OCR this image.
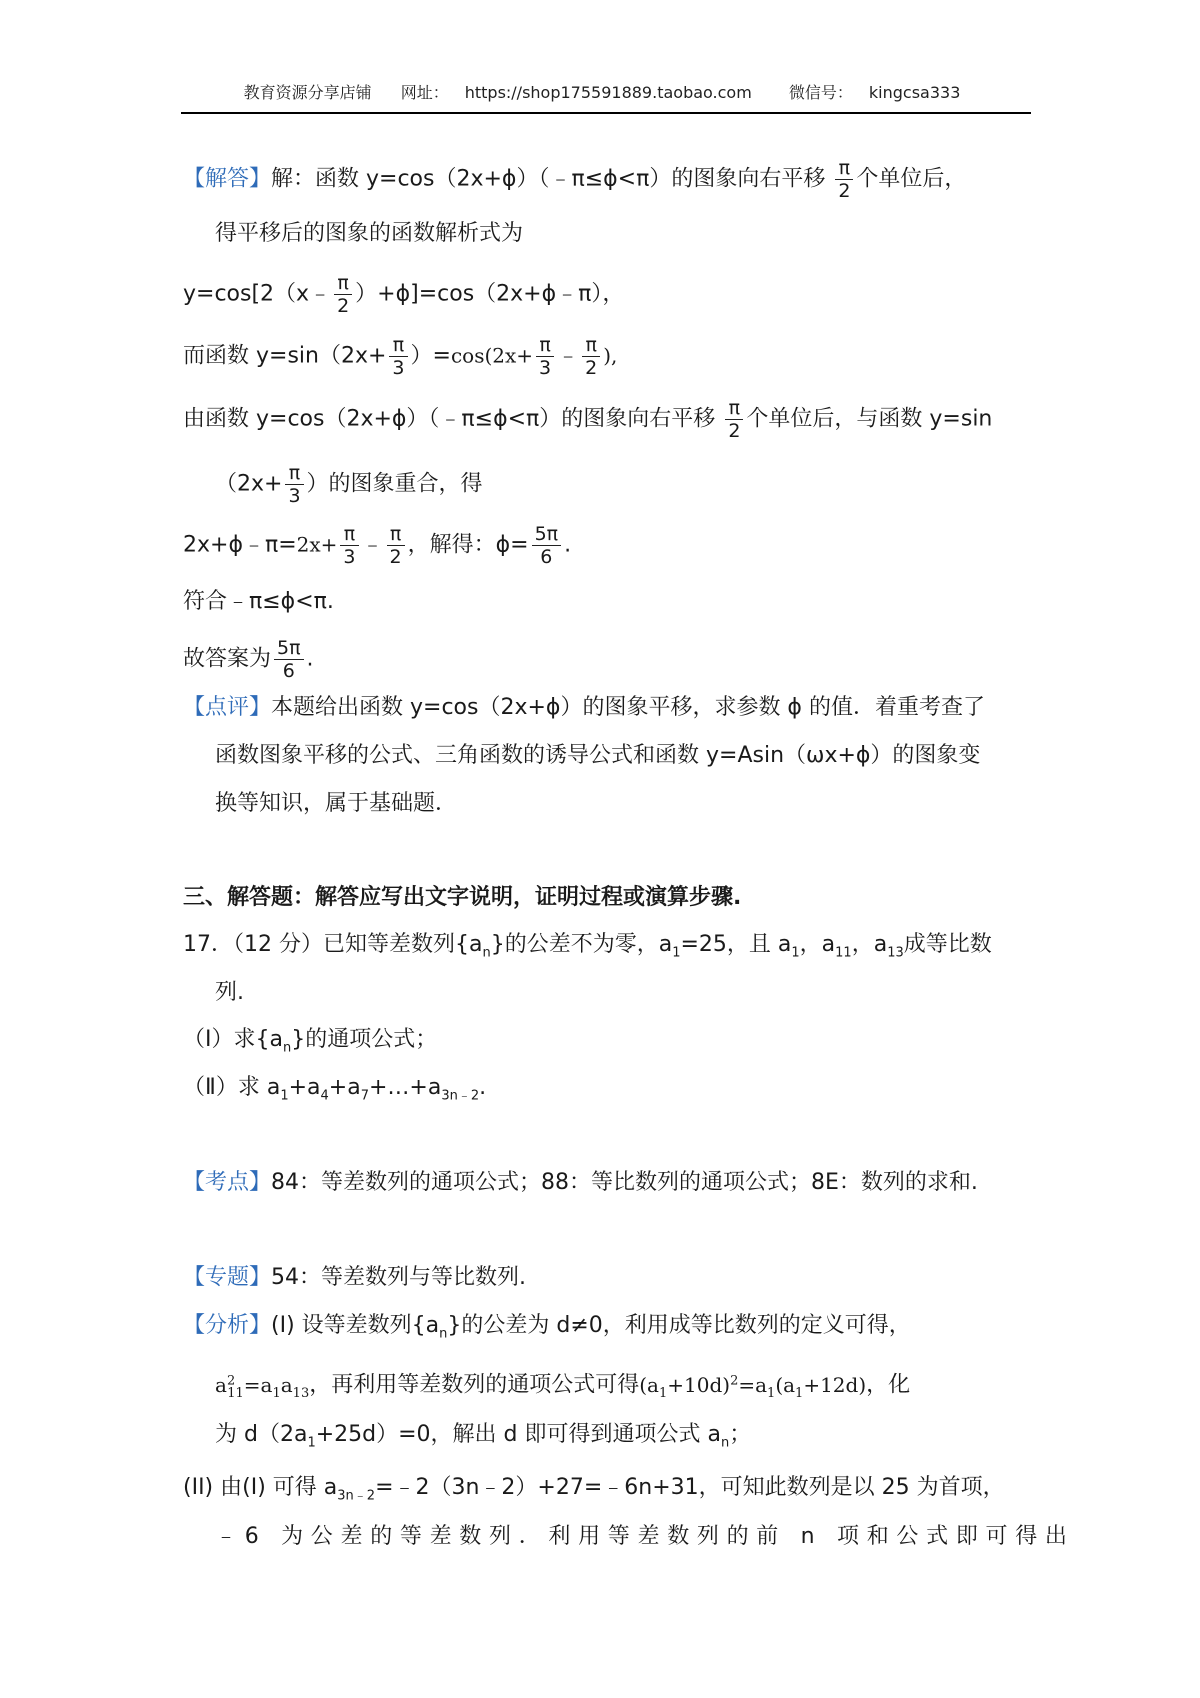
教育资源分享店铺 网址： https://shop175591889.taobao.com 微信号： kingcsa333
【解答】解：函数 y=cos（2x+ϕ）（﹣π≤ϕ<π）的图象向右平移 $\frac{\pi}{2}$ 个单位后，
得平移后的图象的函数解析式为
y=cos[2（x﹣ $\frac{\pi}{2}$ ）+ϕ]=cos（2x+ϕ﹣π），
而函数 $y=\sin(2x+ \frac{\pi}{3} )=\cos(2x+ \frac{\pi}{3}$ ﹣ $\frac{\pi}{2}$ ),
由函数 y=cos（2x+ϕ）（﹣π≤ϕ<π）的图象向右平移 $\frac{\pi}{2}$ 个单位后，与函数 y=sin
（$2x+ \frac{\pi}{3}$ ）的图象重合，得
2x+ϕ﹣π=2x+ $\frac{\pi}{3}$ ﹣ $\frac{\pi}{2}$ ，解得：$\phi= \frac{5\pi}{6}$ .
符合﹣π≤ϕ<π.
故答案为 $\frac{5\pi}{6}$ .
【点评】本题给出函数 y=cos（2x+ϕ）的图象平移，求参数 ϕ 的值．着重考查了
函数图象平移的公式、三角函数的诱导公式和函数 y=Asin（ωx+ϕ）的图象变
换等知识，属于基础题．
三、解答题：解答应写出文字说明，证明过程或演算步骤.
17．（12 分）已知等差数列$\{a_n\}$的公差不为零，$a_1=25$，且 $a_1$，$a_{11}$，$a_{13}$成等比数
列.
（Ⅰ）求$\{a_n\}$的通项公式；
（Ⅱ）求 $a_1+a_4+a_7+\dots+a_{3n﹣2}$.
【考点】84：等差数列的通项公式；88：等比数列的通项公式；8E：数列的求和.
【专题】54：等差数列与等比数列.
【分析】(I) 设等差数列$\{a_n\}$的公差为 d≠0，利用成等比数列的定义可得，
$a^2_{11}=a_1a_{13}$，再利用等差数列的通项公式可得$(a_1+10d)^2=a_1(a_1+12d)$，化
为 $d(2a_1+25d)=0$，解出 d 即可得到通项公式 $a_n$；
(II) 由(I) 可得 $a_{3n﹣2}=﹣2(3n﹣2)+27=﹣6n+31$，可知此数列是以 25 为首项，
﹣6 为公差的等差数列．利用等差数列的前 n 项和公式即可得出
